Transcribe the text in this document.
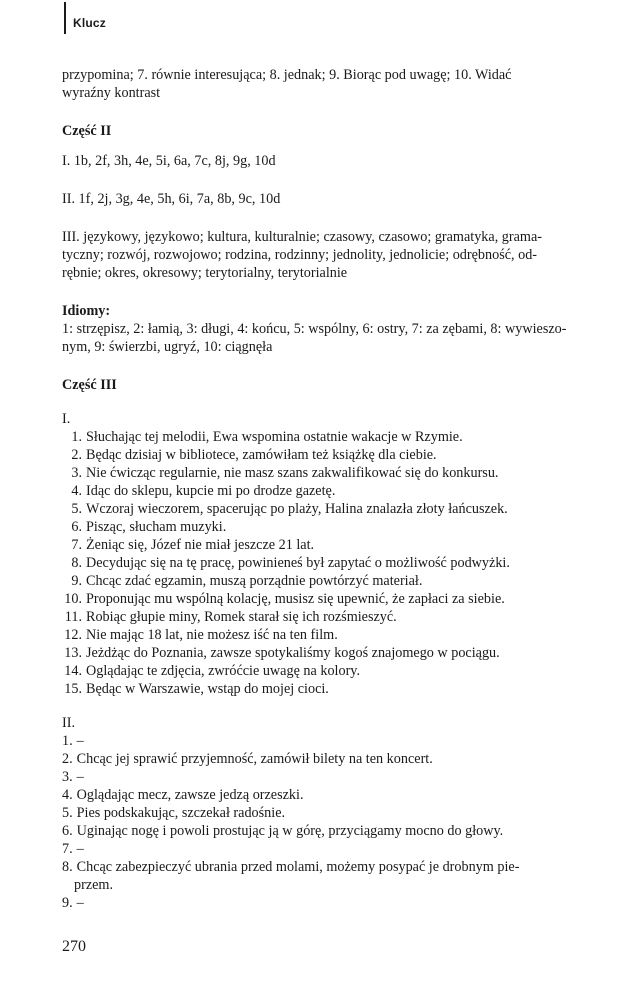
Klucz

przypomina; 7. równie interesująca; 8. jednak; 9. Biorąc pod uwagę; 10. Widać

wyraźny kontrast

Część II

I. 1b, 2f, 3h, 4e, 5i, 6a, 7c, 8j, 9g, 10d

II. 1f, 2j, 3g, 4e, 5h, 6i, 7a, 8b, 9c, 10d

III. językowy, językowo; kultura, kulturalnie; czasowy, czasowo; gramatyka, grama-

tyczny; rozwój, rozwojowo; rodzina, rodzinny; jednolity, jednolicie; odrębność, od-

rębnie; okres, okresowy; terytorialny, terytorialnie

Idiomy:

1: strzępisz, 2: łamią, 3: długi, 4: końcu, 5: wspólny, 6: ostry, 7: za zębami, 8: wywieszo-

nym, 9: świerzbi, ugryź, 10: ciągnęła

Część III

I.

1. Słuchając tej melodii, Ewa wspomina ostatnie wakacje w Rzymie.
2. Będąc dzisiaj w bibliotece, zamówiłam też książkę dla ciebie.
3. Nie ćwicząc regularnie, nie masz szans zakwalifikować się do konkursu.
4. Idąc do sklepu, kupcie mi po drodze gazetę.
5. Wczoraj wieczorem, spacerując po plaży, Halina znalazła złoty łańcuszek.
6. Pisząc, słucham muzyki.
7. Żeniąc się, Józef nie miał jeszcze 21 lat.
8. Decydując się na tę pracę, powinieneś był zapytać o możliwość podwyżki.
9. Chcąc zdać egzamin, muszą porządnie powtórzyć materiał.
10. Proponując mu wspólną kolację, musisz się upewnić, że zapłaci za siebie.
11. Robiąc głupie miny, Romek starał się ich rozśmieszyć.
12. Nie mając 18 lat, nie możesz iść na ten film.
13. Jeżdżąc do Poznania, zawsze spotykaliśmy kogoś znajomego w pociągu.
14. Oglądając te zdjęcia, zwróćcie uwagę na kolory.
15. Będąc w Warszawie, wstąp do mojej cioci.

II.

1. –
2. Chcąc jej sprawić przyjemność, zamówił bilety na ten koncert.
3. –
4. Oglądając mecz, zawsze jedzą orzeszki.
5. Pies podskakując, szczekał radośnie.
6. Uginając nogę i powoli prostując ją w górę, przyciągamy mocno do głowy.
7. –
8. Chcąc zabezpieczyć ubrania przed molami, możemy posypać je drobnym pie-
przem.
9. –
270
